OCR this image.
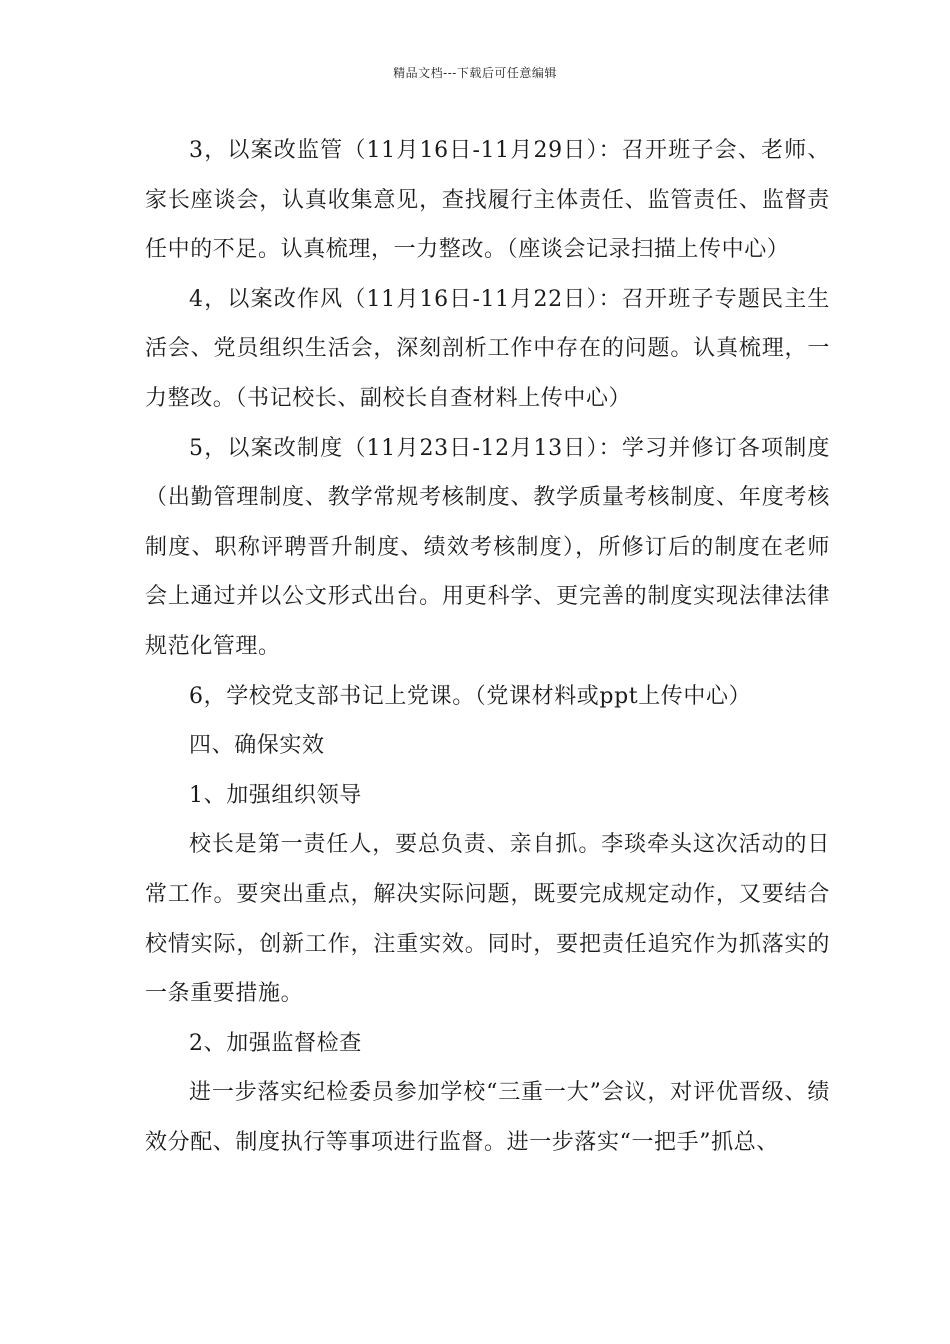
精品文档---下载后可任意编辑

3，以案改监管（11月16日-11月29日）：召开班子会、老师、家长座谈会，认真收集意见，查找履行主体责任、监管责任、监督责任中的不足。认真梳理，一力整改。（座谈会记录扫描上传中心）

4，以案改作风（11月16日-11月22日）：召开班子专题民主生活会、党员组织生活会，深刻剖析工作中存在的问题。认真梳理，一力整改。（书记校长、副校长自查材料上传中心）

5，以案改制度（11月23日-12月13日）：学习并修订各项制度（出勤管理制度、教学常规考核制度、教学质量考核制度、年度考核制度、职称评聘晋升制度、绩效考核制度），所修订后的制度在老师会上通过并以公文形式出台。用更科学、更完善的制度实现法律法律规范化管理。

6，学校党支部书记上党课。（党课材料或ppt上传中心）

四、确保实效

1、加强组织领导

校长是第一责任人，要总负责、亲自抓。李琰牵头这次活动的日常工作。要突出重点，解决实际问题，既要完成规定动作，又要结合校情实际，创新工作，注重实效。同时，要把责任追究作为抓落实的一条重要措施。

2、加强监督检查

进一步落实纪检委员参加学校“三重一大”会议，对评优晋级、绩效分配、制度执行等事项进行监督。进一步落实“一把手”抓总、
